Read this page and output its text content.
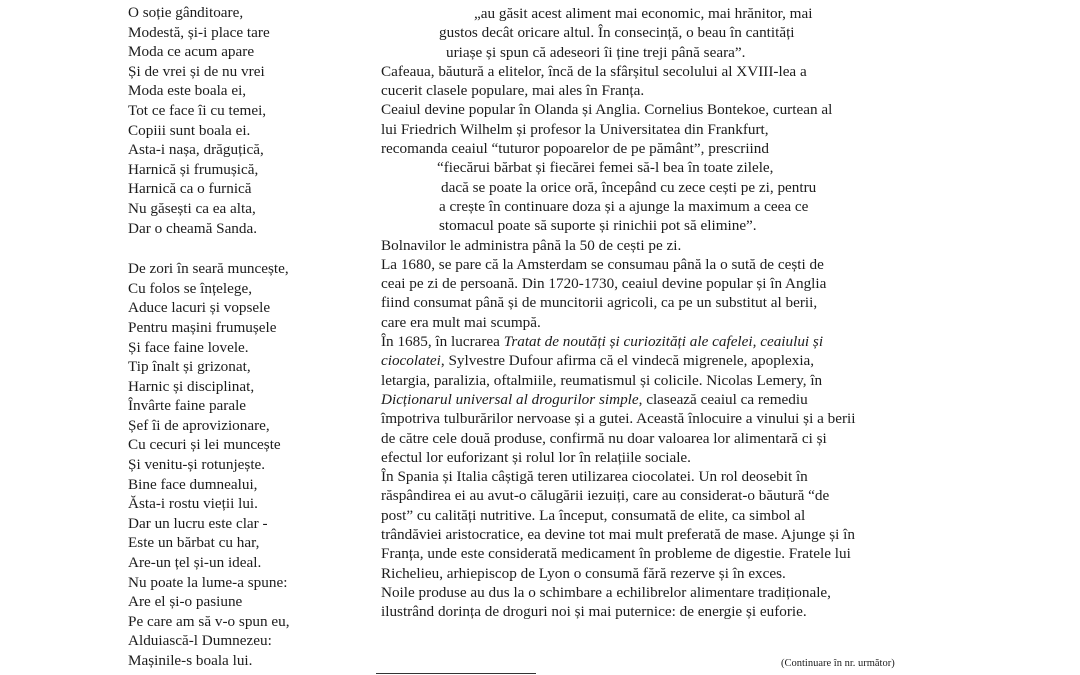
O soție gânditoare,
Modestă, și-i place tare
Moda ce acum apare
Și de vrei și de nu vrei
Moda este boala ei,
Tot ce face îi cu temei,
Copiii sunt boala ei.
Asta-i nașa, drăguțică,
Harnică și frumușică,
Harnică ca o furnică
Nu găsești ca ea alta,
Dar o cheamă Sanda.
De zori în seară muncește,
Cu folos se înțelege,
Aduce lacuri și vopsele
Pentru mașini frumușele
Și face faine lovele.
Tip înalt și grizonat,
Harnic și disciplinat,
Învârte faine parale
Șef îi de aprovizionare,
Cu cecuri și lei muncește
Și venitu-și rotunjește.
Bine face dumnealui,
Ăsta-i rostu vieții lui.
Dar un lucru este clar -
Este un bărbat cu har,
Are-un țel și-un ideal.
Nu poate la lume-a spune:
Are el și-o pasiune
Pe care am să v-o spun eu,
Alduiască-l Dumnezeu:
Mașinile-s boala lui.
„au găsit acest aliment mai economic, mai hrănitor, mai
gustos decât oricare altul. În consecință, o beau în cantități
uriașe și spun că adeseori îi ține treji până seara”.
Cafeaua, băutură a elitelor, încă de la sfârșitul secolului al XVIII-lea a
cucerit clasele populare, mai ales în Franța.
Ceaiul devine popular în Olanda și Anglia. Cornelius Bontekoe, curtean al
lui Friedrich Wilhelm și profesor la Universitatea din Frankfurt,
recomanda ceaiul “tuturor popoarelor de pe pământ”, prescriind
“fiecărui bărbat și fiecărei femei să-l bea în toate zilele,
dacă se poate la orice oră, începând cu zece cești pe zi, pentru
a crește în continuare doza și a ajunge la maximum a ceea ce
stomacul poate să suporte și rinichii pot să elimine”.
Bolnavilor le administra până la 50 de cești pe zi.
La 1680, se pare că la Amsterdam se consumau până la o sută de cești de
ceai pe zi de persoană. Din 1720-1730, ceaiul devine popular și în Anglia
fiind consumat până și de muncitorii agricoli, ca pe un substitut al berii,
care era mult mai scumpă.
În 1685, în lucrarea Tratat de noutăți și curiozități ale cafelei, ceaiului și
ciocolatei, Sylvestre Dufour afirma că el vindecă migrenele, apoplexia,
letargia, paralizia, oftalmiile, reumatismul și colicile. Nicolas Lemery, în
Dicționarul universal al drogurilor simple, clasează ceaiul ca remediu
împotriva tulburărilor nervoase și a gutei. Această înlocuire a vinului și a berii
de către cele două produse, confirmă nu doar valoarea lor alimentară ci și
efectul lor euforizant și rolul lor în relațiile sociale.
În Spania și Italia câștigă teren utilizarea ciocolatei. Un rol deosebit în
răspândirea ei au avut-o călugării iezuiți, care au considerat-o băutură “de
post” cu calități nutritive. La început, consumată de elite, ca simbol al
trândăviei aristocratice, ea devine tot mai mult preferată de mase. Ajunge și în
Franța, unde este considerată medicament în probleme de digestie. Fratele lui
Richelieu, arhiepiscop de Lyon o consumă fără rezerve și în exces.
Noile produse au dus la o schimbare a echilibrelor alimentare tradiționale,
ilustrând dorința de droguri noi și mai puternice: de energie și euforie.
(Continuare în nr. următor)
